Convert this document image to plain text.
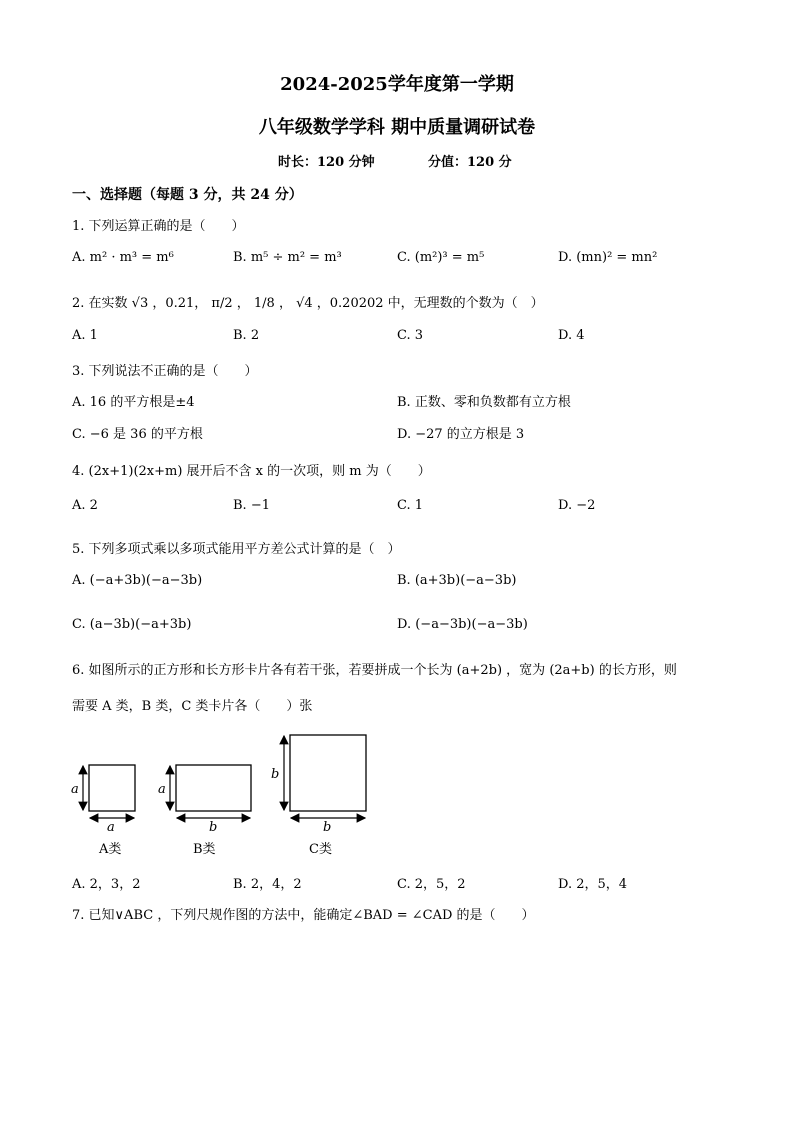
2024-2025学年度第一学期
八年级数学学科 期中质量调研试卷
时长：120 分钟	分值：120 分
一、选择题（每题 3 分，共 24 分）
1. 下列运算正确的是（　　）
A. m² · m³ = m⁶	B. m⁵ ÷ m² = m³	C. (m²)³ = m⁵	D. (mn)² = mn²
2. 在实数 √3 ，0.21， π/2 ， 1/8 ， √4 ，0.20202 中，无理数的个数为（　）
A. 1	B. 2	C. 3	D. 4
3. 下列说法不正确的是（　　）
A. 16 的平方根是±4	B. 正数、零和负数都有立方根
C. −6 是 36 的平方根	D. −27 的立方根是 3
4. (2x+1)(2x+m) 展开后不含 x 的一次项，则 m 为（　　）
A. 2	B. −1	C. 1	D. −2
5. 下列多项式乘以多项式能用平方差公式计算的是（　）
A. (−a+3b)(−a−3b)	B. (a+3b)(−a−3b)
C. (a−3b)(−a+3b)	D. (−a−3b)(−a−3b)
6. 如图所示的正方形和长方形卡片各有若干张，若要拼成一个长为 (a+2b) ，宽为 (2a+b) 的长方形，则
需要 A 类，B 类，C 类卡片各（　　）张
a
a
A类
a
b
B类
b
b
C类
A. 2，3，2	B. 2，4，2	C. 2，5，2	D. 2，5，4
7. 已知∨ABC ，下列尺规作图的方法中，能确定∠BAD = ∠CAD 的是（　　）
